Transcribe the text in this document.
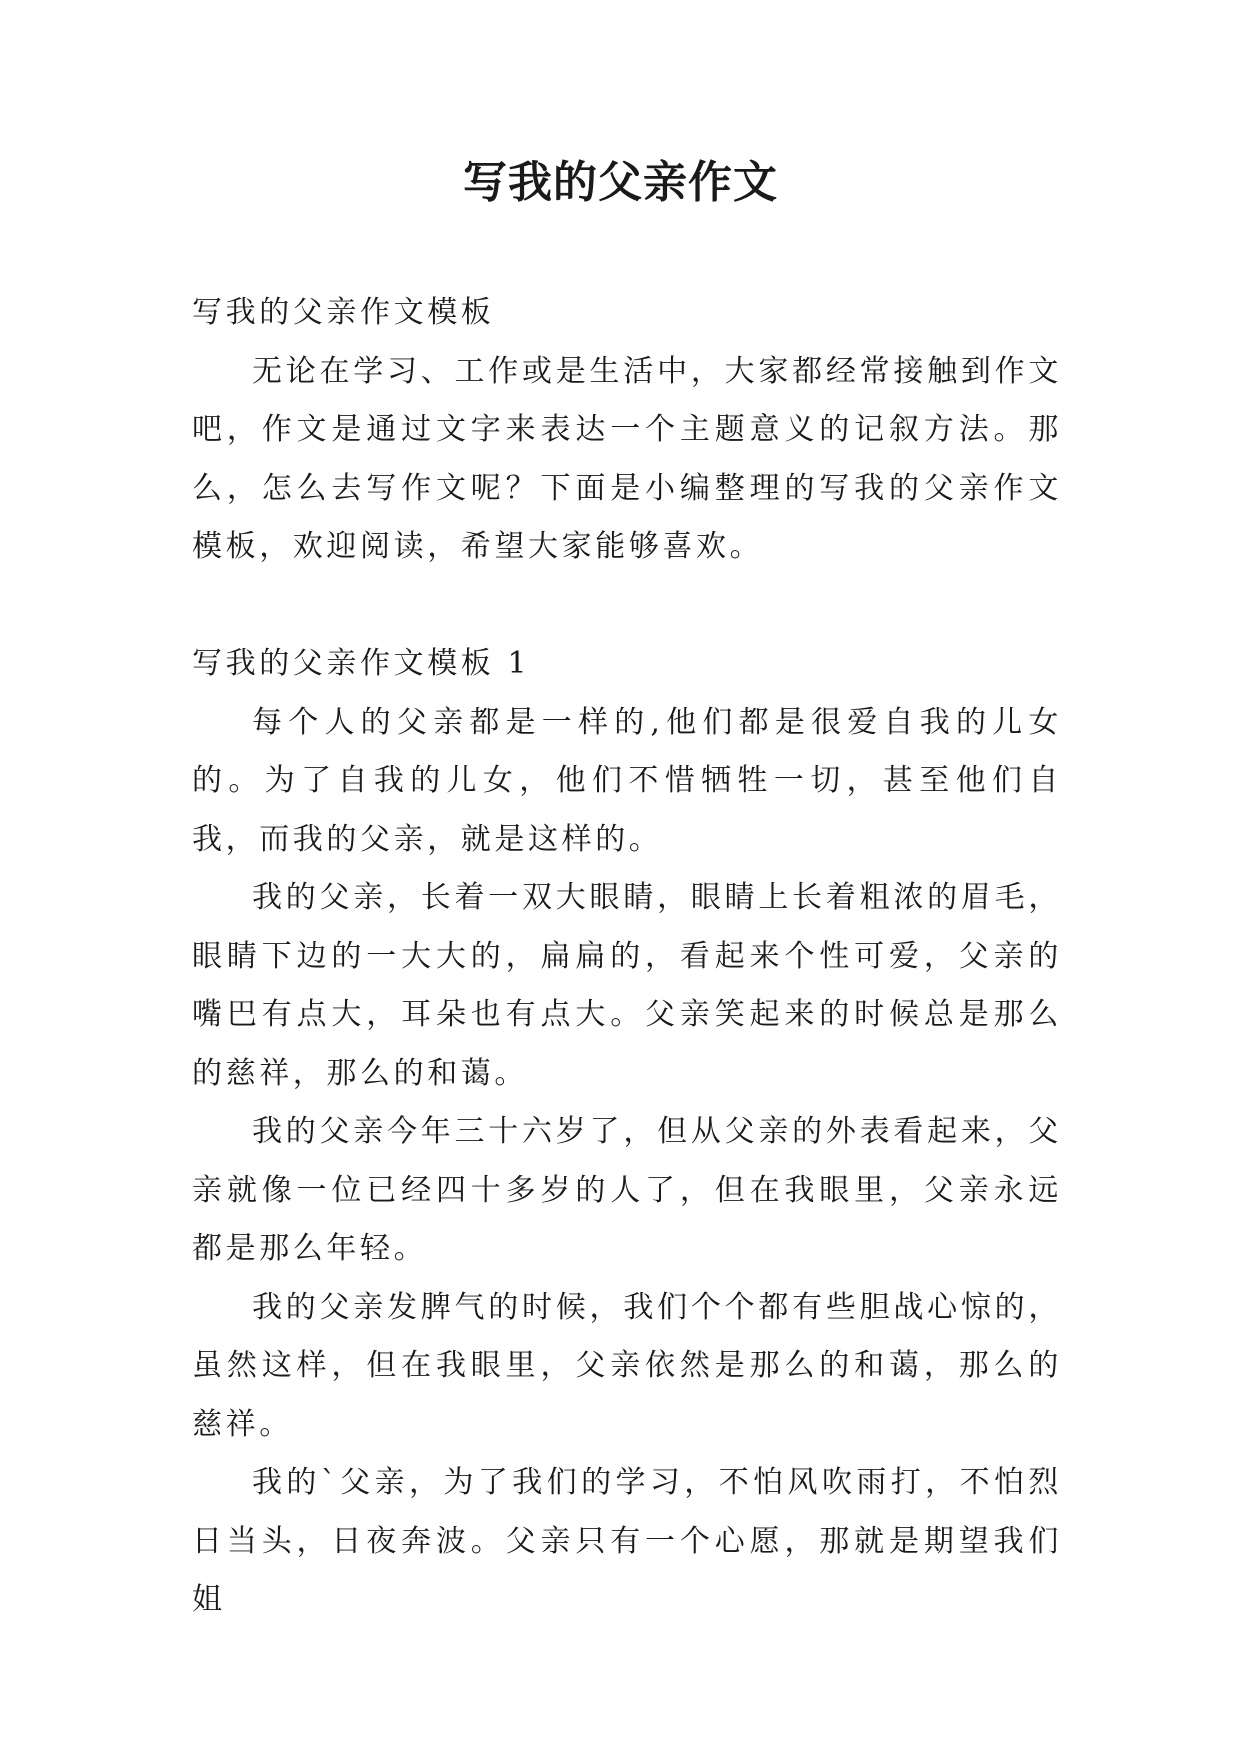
写我的父亲作文

写我的父亲作文模板

无论在学习、工作或是生活中，大家都经常接触到作文吧，作文是通过文字来表达一个主题意义的记叙方法。那么，怎么去写作文呢？下面是小编整理的写我的父亲作文模板，欢迎阅读，希望大家能够喜欢。

写我的父亲作文模板 1

每个人的父亲都是一样的,他们都是很爱自我的儿女的。为了自我的儿女，他们不惜牺牲一切，甚至他们自我，而我的父亲，就是这样的。

我的父亲，长着一双大眼睛，眼睛上长着粗浓的眉毛，眼睛下边的一大大的，扁扁的，看起来个性可爱，父亲的嘴巴有点大，耳朵也有点大。父亲笑起来的时候总是那么的慈祥，那么的和蔼。

我的父亲今年三十六岁了，但从父亲的外表看起来，父亲就像一位已经四十多岁的人了，但在我眼里，父亲永远都是那么年轻。

我的父亲发脾气的时候，我们个个都有些胆战心惊的，虽然这样，但在我眼里，父亲依然是那么的和蔼，那么的慈祥。

我的`父亲，为了我们的学习，不怕风吹雨打，不怕烈日当头，日夜奔波。父亲只有一个心愿，那就是期望我们姐
